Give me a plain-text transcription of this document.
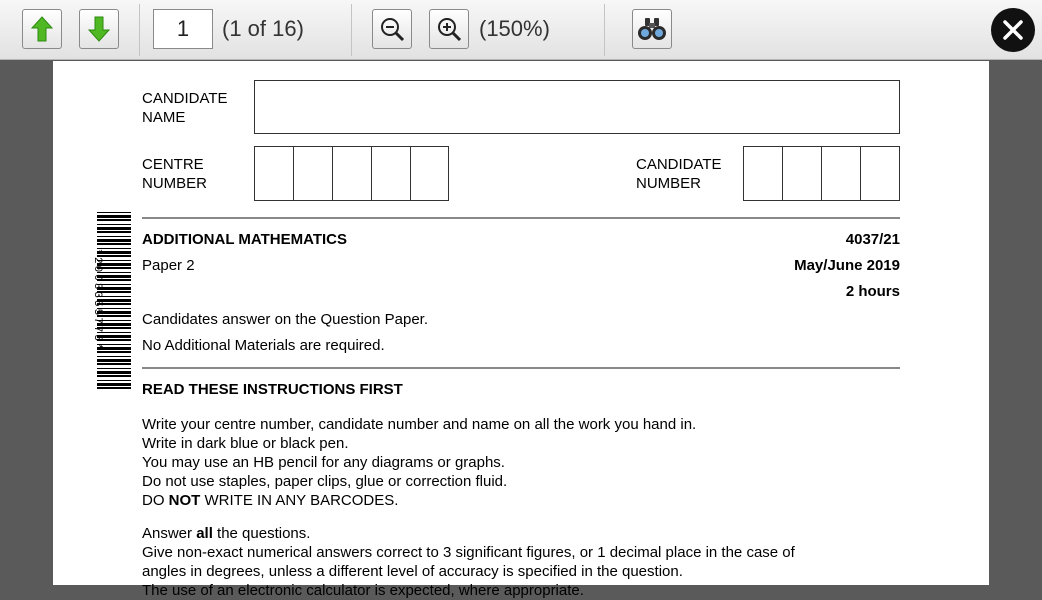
1	(1 of 16)	(150%)
CANDIDATE
NAME
CENTRE
NUMBER
CANDIDATE
NUMBER
*2003355775*
ADDITIONAL MATHEMATICS	4037/21
Paper 2	May/June 2019
2 hours
Candidates answer on the Question Paper.
No Additional Materials are required.
READ THESE INSTRUCTIONS FIRST
Write your centre number, candidate number and name on all the work you hand in.
Write in dark blue or black pen.
You may use an HB pencil for any diagrams or graphs.
Do not use staples, paper clips, glue or correction fluid.
DO NOT WRITE IN ANY BARCODES.
Answer all the questions.
Give non-exact numerical answers correct to 3 significant figures, or 1 decimal place in the case of
angles in degrees, unless a different level of accuracy is specified in the question.
The use of an electronic calculator is expected, where appropriate.
